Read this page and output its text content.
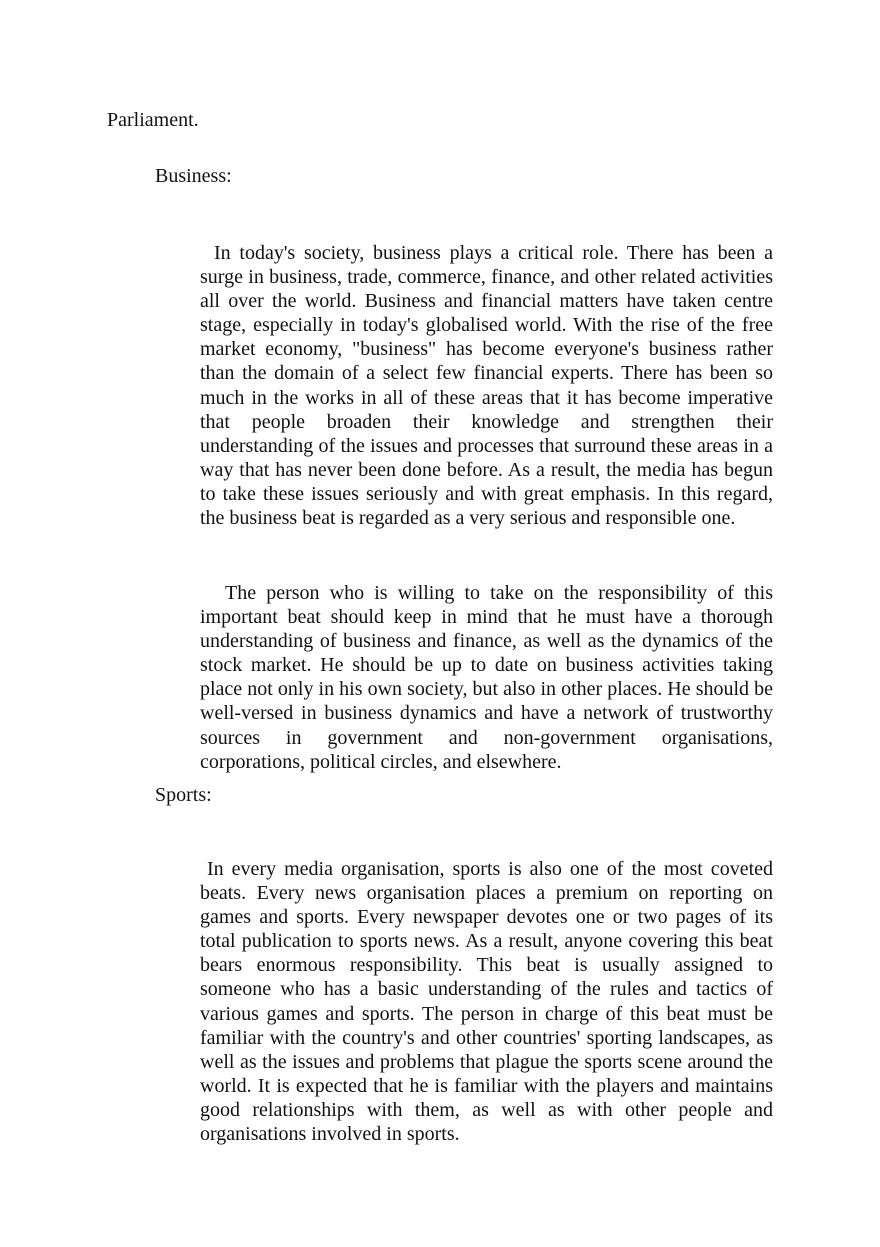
Parliament.
Business:

In today's society, business plays a critical role. There has been a surge in business, trade, commerce, finance, and other related activities all over the world. Business and financial matters have taken centre stage, especially in today's globalised world. With the rise of the free market economy, "business" has become everyone's business rather than the domain of a select few financial experts. There has been so much in the works in all of these areas that it has become imperative that people broaden their knowledge and strengthen their understanding of the issues and processes that surround these areas in a way that has never been done before. As a result, the media has begun to take these issues seriously and with great emphasis. In this regard, the business beat is regarded as a very serious and responsible one.

The person who is willing to take on the responsibility of this important beat should keep in mind that he must have a thorough understanding of business and finance, as well as the dynamics of the stock market. He should be up to date on business activities taking place not only in his own society, but also in other places. He should be well-versed in business dynamics and have a network of trustworthy sources in government and non-government organisations, corporations, political circles, and elsewhere.

Sports:

In every media organisation, sports is also one of the most coveted beats. Every news organisation places a premium on reporting on games and sports. Every newspaper devotes one or two pages of its total publication to sports news. As a result, anyone covering this beat bears enormous responsibility. This beat is usually assigned to someone who has a basic understanding of the rules and tactics of various games and sports. The person in charge of this beat must be familiar with the country's and other countries' sporting landscapes, as well as the issues and problems that plague the sports scene around the world. It is expected that he is familiar with the players and maintains good relationships with them, as well as with other people and organisations involved in sports.
